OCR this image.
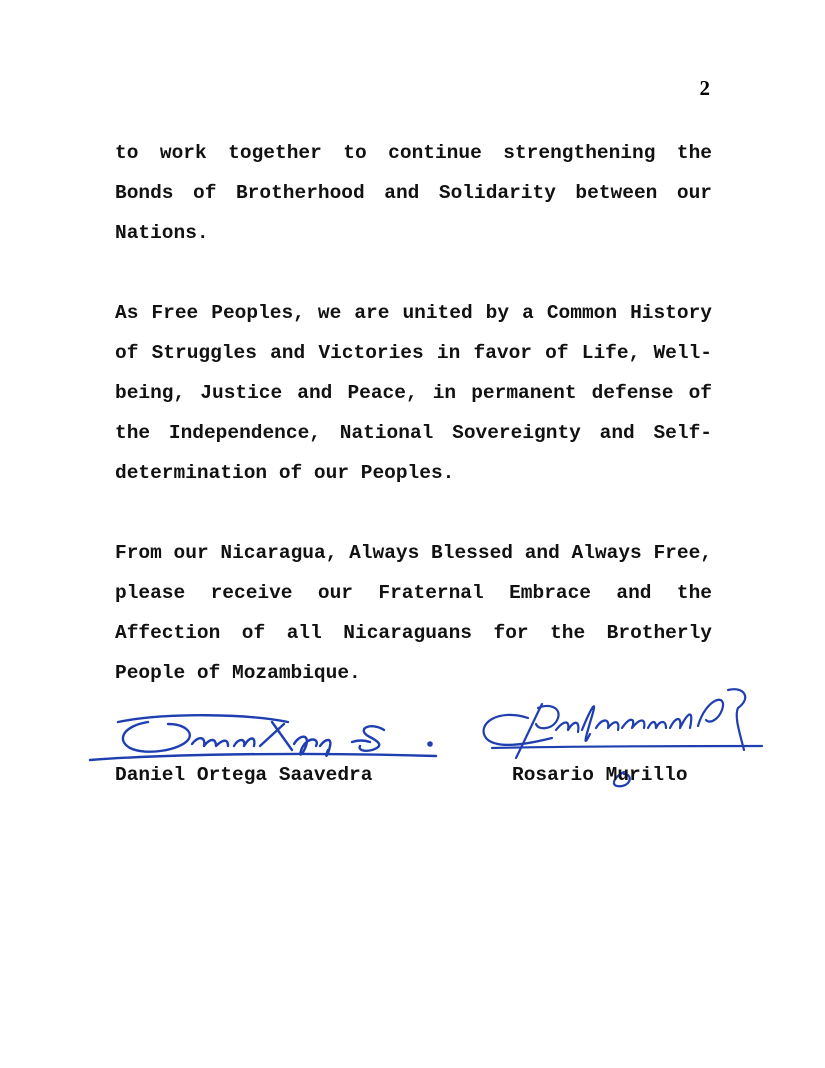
2

to work together to continue strengthening the Bonds of Brotherhood and Solidarity between our Nations.

As Free Peoples, we are united by a Common History of Struggles and Victories in favor of Life, Well-being, Justice and Peace, in permanent defense of the Independence, National Sovereignty and Self-determination of our Peoples.

From our Nicaragua, Always Blessed and Always Free, please receive our Fraternal Embrace and the Affection of all Nicaraguans for the Brotherly People of Mozambique.

Daniel Ortega Saavedra	Rosario Murillo
